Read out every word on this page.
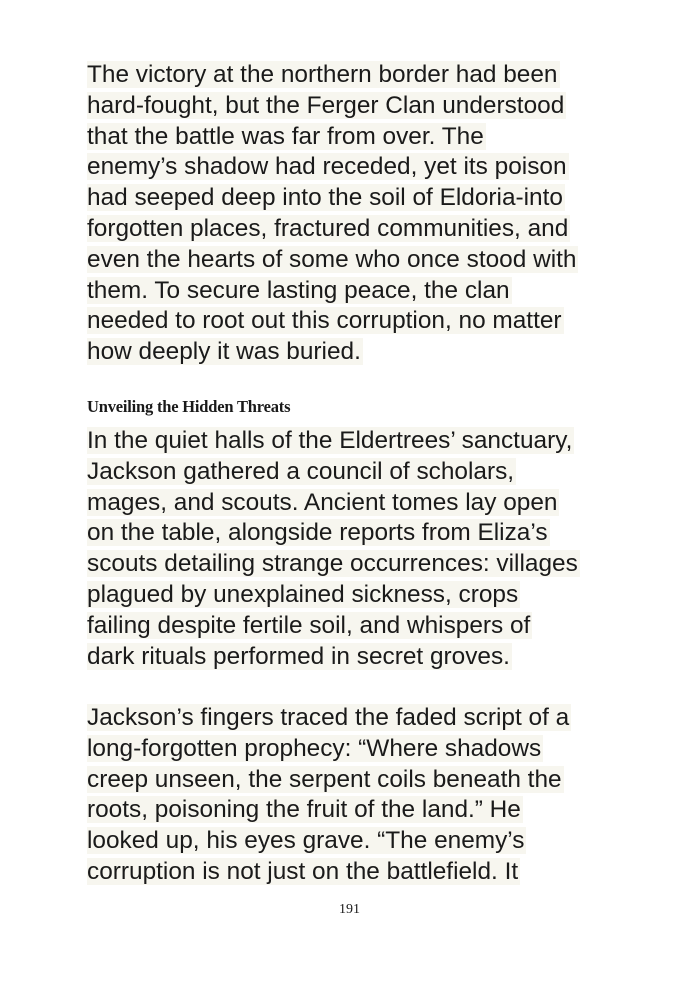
The victory at the northern border had been
hard-fought, but the Ferger Clan understood
that the battle was far from over. The
enemy’s shadow had receded, yet its poison
had seeped deep into the soil of Eldoria-into
forgotten places, fractured communities, and
even the hearts of some who once stood with
them. To secure lasting peace, the clan
needed to root out this corruption, no matter
how deeply it was buried.

Unveiling the Hidden Threats

In the quiet halls of the Eldertrees’ sanctuary,
Jackson gathered a council of scholars,
mages, and scouts. Ancient tomes lay open
on the table, alongside reports from Eliza’s
scouts detailing strange occurrences: villages
plagued by unexplained sickness, crops
failing despite fertile soil, and whispers of
dark rituals performed in secret groves.

Jackson’s fingers traced the faded script of a
long-forgotten prophecy: “Where shadows
creep unseen, the serpent coils beneath the
roots, poisoning the fruit of the land.” He
looked up, his eyes grave. “The enemy’s
corruption is not just on the battlefield. It

191
